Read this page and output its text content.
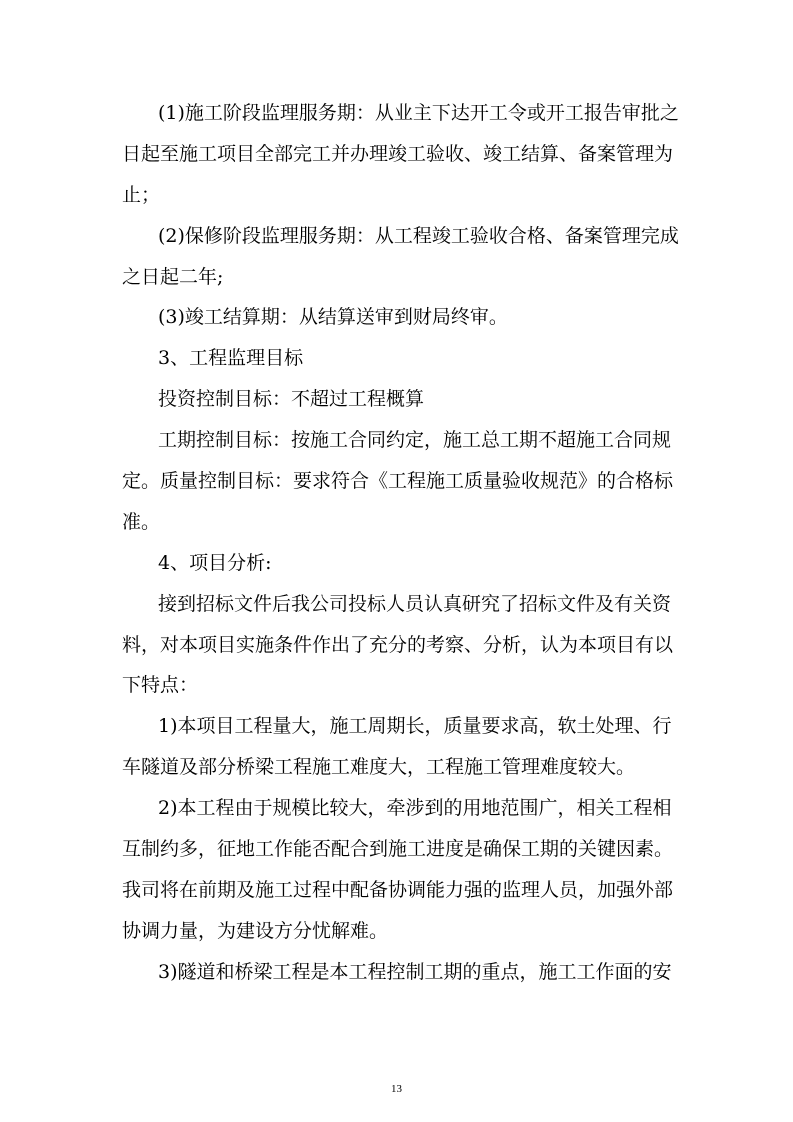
(1)施工阶段监理服务期：从业主下达开工令或开工报告审批之
日起至施工项目全部完工并办理竣工验收、竣工结算、备案管理为
止；
(2)保修阶段监理服务期：从工程竣工验收合格、备案管理完成
之日起二年;
(3)竣工结算期：从结算送审到财局终审。
3、工程监理目标
投资控制目标：不超过工程概算
工期控制目标：按施工合同约定，施工总工期不超施工合同规
定。质量控制目标：要求符合《工程施工质量验收规范》的合格标
准。
4、项目分析:
接到招标文件后我公司投标人员认真研究了招标文件及有关资
料，对本项目实施条件作出了充分的考察、分析，认为本项目有以
下特点：
1)本项目工程量大，施工周期长，质量要求高，软土处理、行
车隧道及部分桥梁工程施工难度大，工程施工管理难度较大。
2)本工程由于规模比较大，牵涉到的用地范围广，相关工程相
互制约多，征地工作能否配合到施工进度是确保工期的关键因素。
我司将在前期及施工过程中配备协调能力强的监理人员，加强外部
协调力量，为建设方分忧解难。
3)隧道和桥梁工程是本工程控制工期的重点，施工工作面的安
13
